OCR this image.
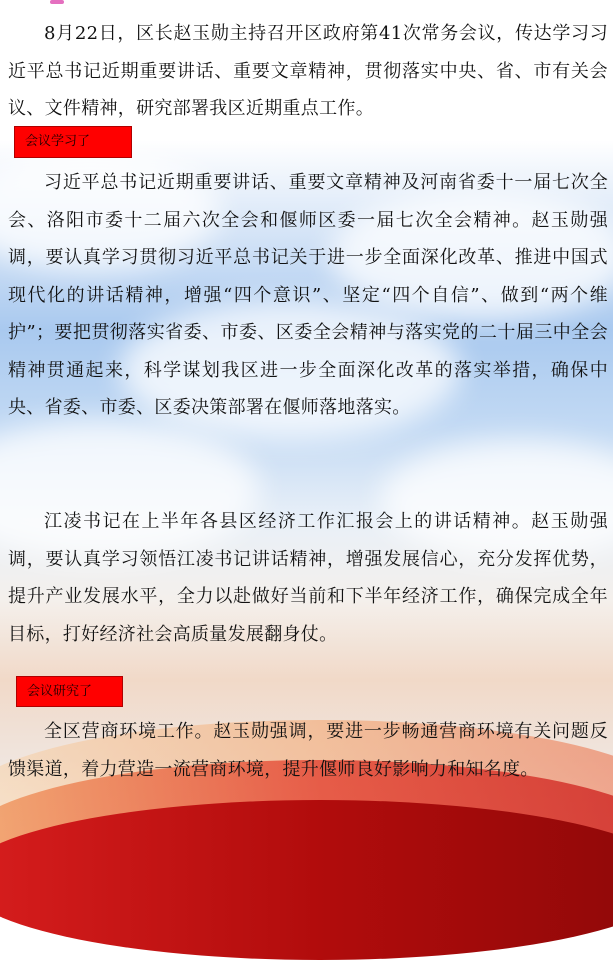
8月22日，区长赵玉勋主持召开区政府第41次常务会议，传达学习习近平总书记近期重要讲话、重要文章精神，贯彻落实中央、省、市有关会议、文件精神，研究部署我区近期重点工作。

会议学习了

习近平总书记近期重要讲话、重要文章精神及河南省委十一届七次全会、洛阳市委十二届六次全会和偃师区委一届七次全会精神。赵玉勋强调，要认真学习贯彻习近平总书记关于进一步全面深化改革、推进中国式现代化的讲话精神，增强“四个意识”、坚定“四个自信”、做到“两个维护”；要把贯彻落实省委、市委、区委全会精神与落实党的二十届三中全会精神贯通起来，科学谋划我区进一步全面深化改革的落实举措，确保中央、省委、市委、区委决策部署在偃师落地落实。

江凌书记在上半年各县区经济工作汇报会上的讲话精神。赵玉勋强调，要认真学习领悟江凌书记讲话精神，增强发展信心，充分发挥优势，提升产业发展水平，全力以赴做好当前和下半年经济工作，确保完成全年目标，打好经济社会高质量发展翻身仗。

会议研究了

全区营商环境工作。赵玉勋强调，要进一步畅通营商环境有关问题反馈渠道，着力营造一流营商环境，提升偃师良好影响力和知名度。
